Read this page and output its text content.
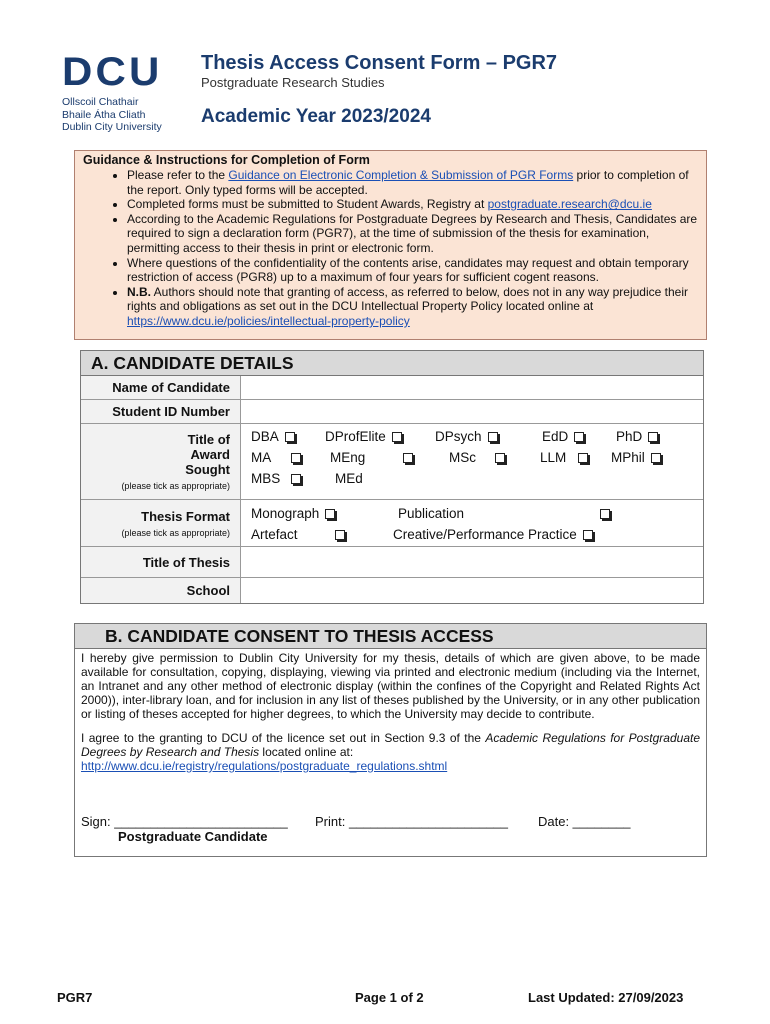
DCU
Ollscoil Chathair
Bhaile Átha Cliath
Dublin City University
Thesis Access Consent Form – PGR7
Postgraduate Research Studies
Academic Year 2023/2024
Guidance & Instructions for Completion of Form
• Please refer to the Guidance on Electronic Completion & Submission of PGR Forms prior to completion of the report. Only typed forms will be accepted.
• Completed forms must be submitted to Student Awards, Registry at postgraduate.research@dcu.ie
• According to the Academic Regulations for Postgraduate Degrees by Research and Thesis, Candidates are required to sign a declaration form (PGR7), at the time of submission of the thesis for examination, permitting access to their thesis in print or electronic form.
• Where questions of the confidentiality of the contents arise, candidates may request and obtain temporary restriction of access (PGR8) up to a maximum of four years for sufficient cogent reasons.
• N.B. Authors should note that granting of access, as referred to below, does not in any way prejudice their rights and obligations as set out in the DCU Intellectual Property Policy located online at https://www.dcu.ie/policies/intellectual-property-policy
A. CANDIDATE DETAILS
Name of Candidate
Student ID Number
Title of Award Sought
(please tick as appropriate)
DBA	DProfElite	DPsych	EdD	PhD
MA	MEng	MSc	LLM	MPhil
MBS	MEd
Thesis Format
(please tick as appropriate)
Monograph	Publication
Artefact	Creative/Performance Practice
Title of Thesis
School
B. CANDIDATE CONSENT TO THESIS ACCESS

I hereby give permission to Dublin City University for my thesis, details of which are given above, to be made available for consultation, copying, displaying, viewing via printed and electronic medium (including via the Internet, an Intranet and any other method of electronic display (within the confines of the Copyright and Related Rights Act 2000)), inter-library loan, and for inclusion in any list of theses published by the University, or in any other publication or listing of theses accepted for higher degrees, to which the University may decide to contribute.

I agree to the granting to DCU of the licence set out in Section 9.3 of the Academic Regulations for Postgraduate Degrees by Research and Thesis located online at:
http://www.dcu.ie/registry/regulations/postgraduate_regulations.shtml

Sign: ________________________ Print: ______________________ Date: ________
Postgraduate Candidate
PGR7	Page 1 of 2	Last Updated: 27/09/2023
